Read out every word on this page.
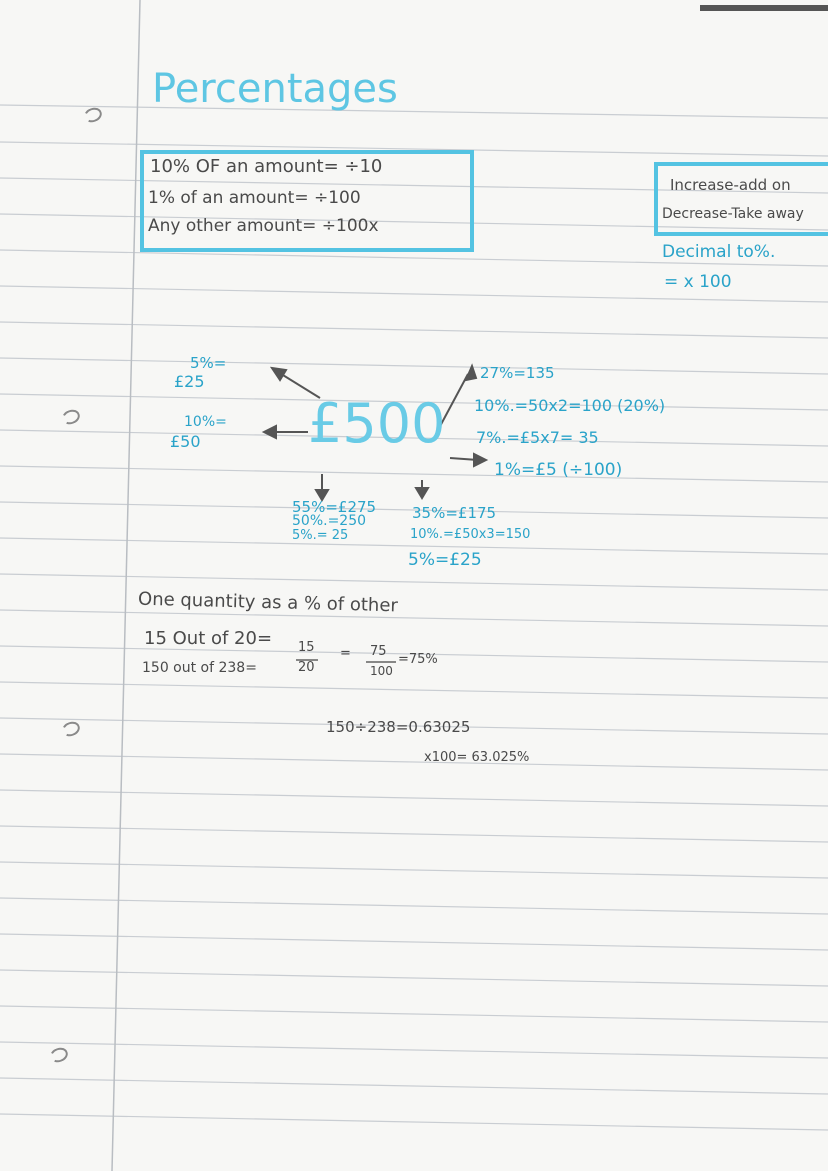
Percentages
10% OF an amount= ÷10
1% of an amount= ÷100
Any other amount= ÷100x
Increase-add on
Decrease-Take away
Decimal to%.
= x 100
£500
5%=
£25
10%=
£50
27%=135
10%.=50x2=100 (20%)
7%.=£5x7= 35
1%=£5 (÷100)
55%=£275
50%.=250
5%.= 25
35%=£175
10%.=£50x3=150
5%=£25
One quantity as a % of other
15 Out of 20= 15
20
= 75
100
=75%
150 out of 238=
150÷238=0.63025
x100= 63.025%
